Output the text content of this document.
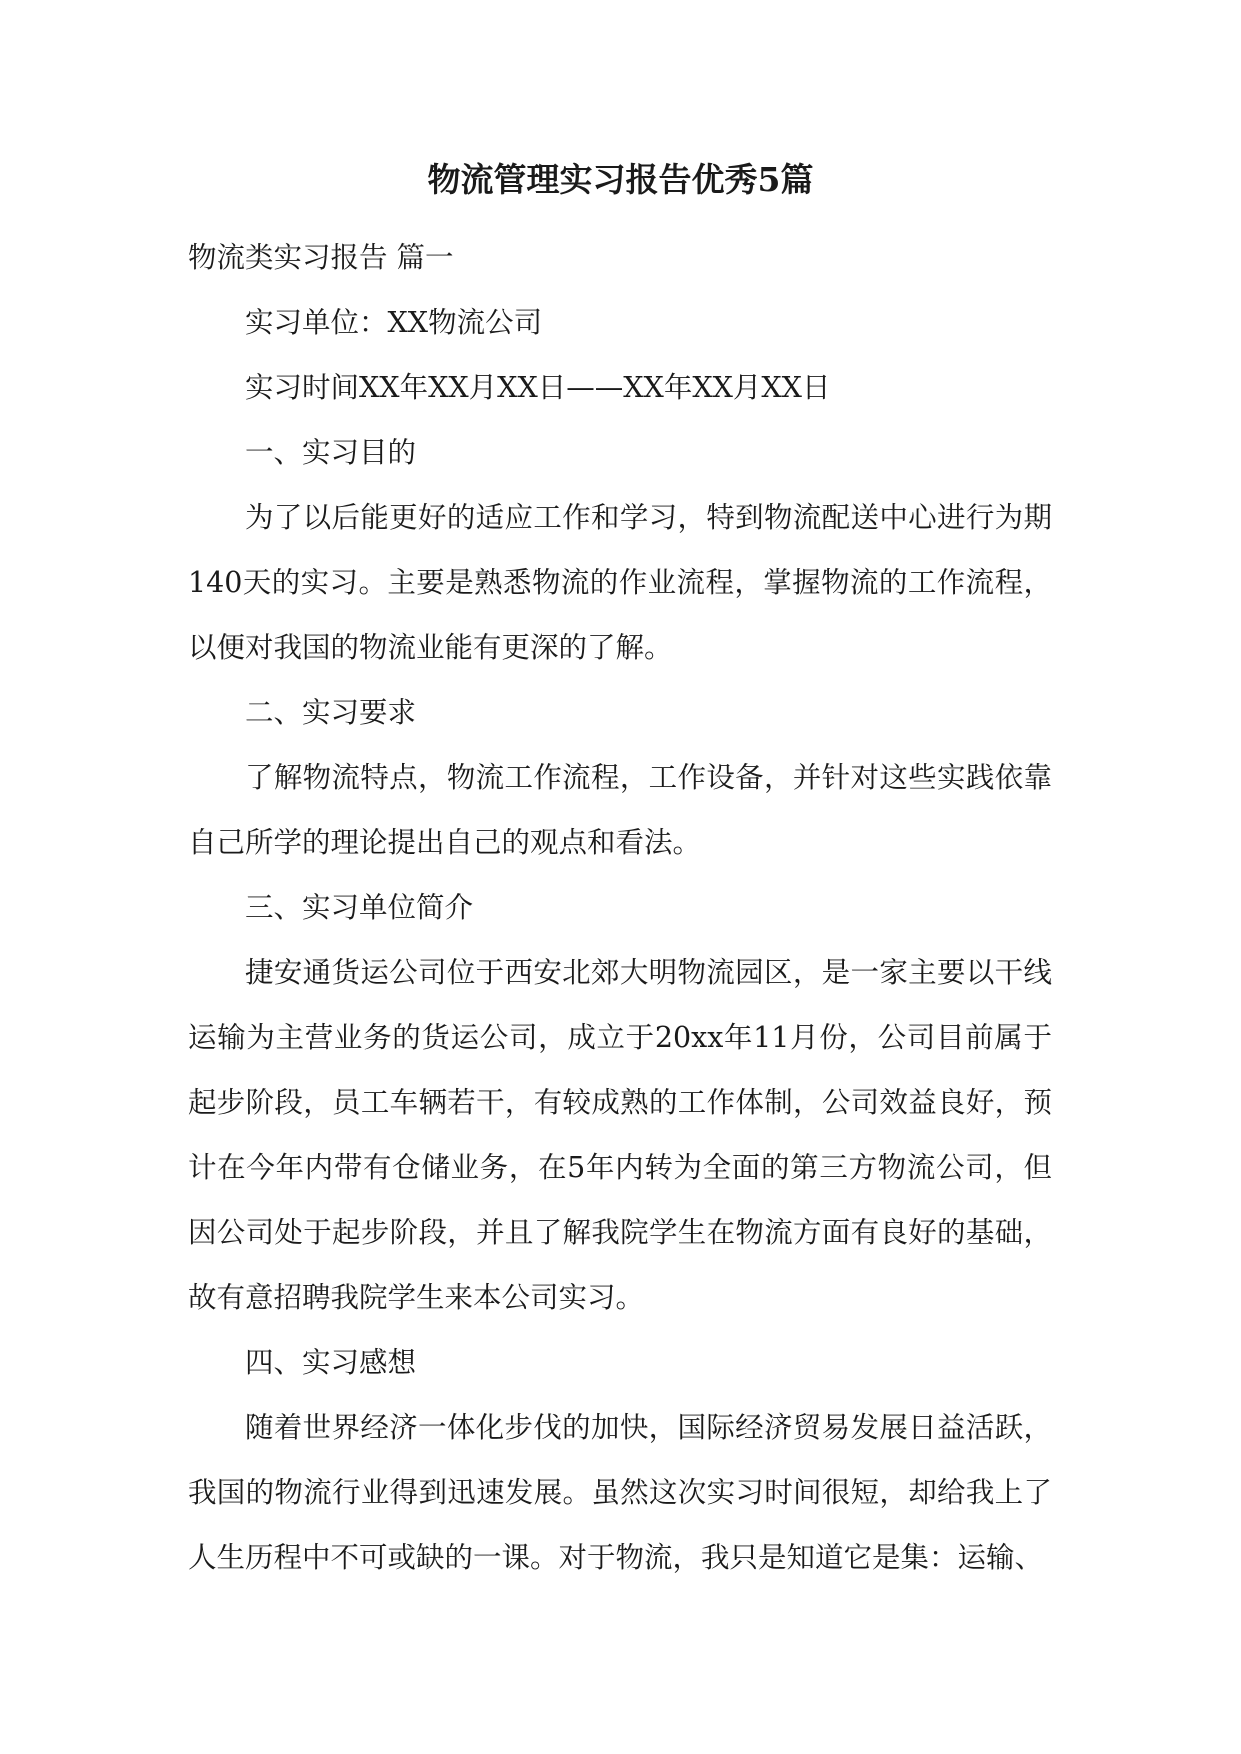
物流管理实习报告优秀5篇

物流类实习报告 篇一

实习单位：XX物流公司

实习时间XX年XX月XX日——XX年XX月XX日

一、实习目的

为了以后能更好的适应工作和学习，特到物流配送中心进行为期140天的实习。主要是熟悉物流的作业流程，掌握物流的工作流程，以便对我国的物流业能有更深的了解。

二、实习要求

了解物流特点，物流工作流程，工作设备，并针对这些实践依靠自己所学的理论提出自己的观点和看法。

三、实习单位简介

捷安通货运公司位于西安北郊大明物流园区，是一家主要以干线运输为主营业务的货运公司，成立于20xx年11月份，公司目前属于起步阶段，员工车辆若干，有较成熟的工作体制，公司效益良好，预计在今年内带有仓储业务，在5年内转为全面的第三方物流公司，但因公司处于起步阶段，并且了解我院学生在物流方面有良好的基础，故有意招聘我院学生来本公司实习。

四、实习感想

随着世界经济一体化步伐的加快，国际经济贸易发展日益活跃，我国的物流行业得到迅速发展。虽然这次实习时间很短，却给我上了人生历程中不可或缺的一课。对于物流，我只是知道它是集：运输、
